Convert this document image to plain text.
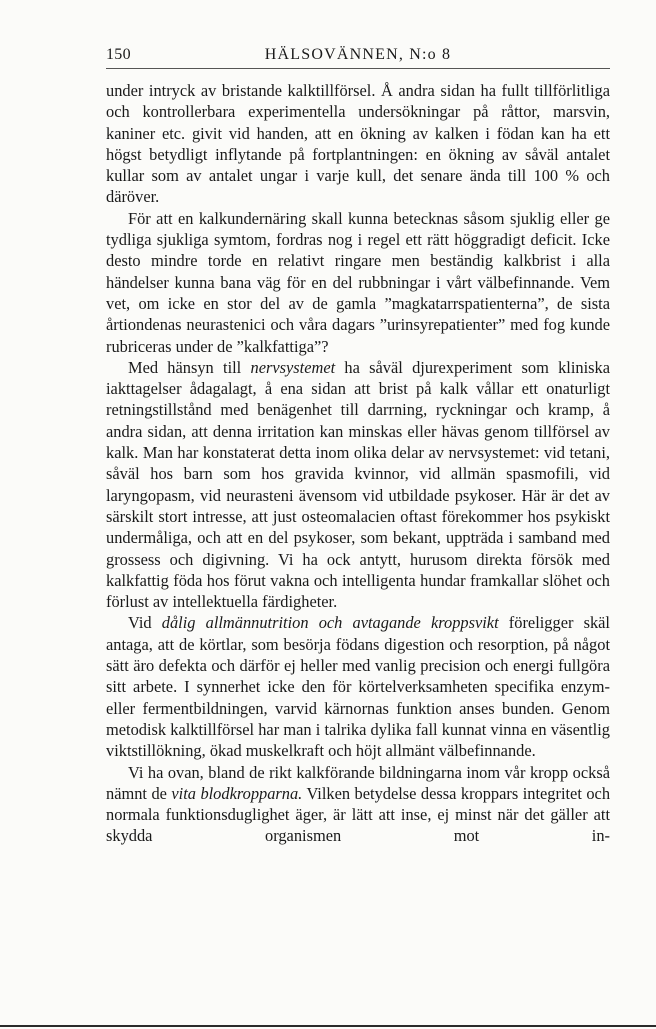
150	HÄLSOVÄNNEN, N:o 8

under intryck av bristande kalktillförsel. Å andra sidan ha fullt tillförlitliga och kontrollerbara experimentella undersökningar på råttor, marsvin, kaniner etc. givit vid handen, att en ökning av kalken i födan kan ha ett högst betydligt inflytande på fortplantningen: en ökning av såväl antalet kullar som av antalet ungar i varje kull, det senare ända till 100 % och däröver.

För att en kalkundernäring skall kunna betecknas såsom sjuklig eller ge tydliga sjukliga symtom, fordras nog i regel ett rätt höggradigt deficit. Icke desto mindre torde en relativt ringare men beständig kalkbrist i alla händelser kunna bana väg för en del rubbningar i vårt välbefinnande. Vem vet, om icke en stor del av de gamla ”magkatarrspatienterna”, de sista årtiondenas neurastenici och våra dagars ”urinsyrepatienter” med fog kunde rubriceras under de ”kalkfattiga”?

Med hänsyn till nervsystemet ha såväl djurexperiment som kliniska iakttagelser ådagalagt, å ena sidan att brist på kalk vållar ett onaturligt retningstillstånd med benägenhet till darrning, ryckningar och kramp, å andra sidan, att denna irritation kan minskas eller hävas genom tillförsel av kalk. Man har konstaterat detta inom olika delar av nervsystemet: vid tetani, såväl hos barn som hos gravida kvinnor, vid allmän spasmofili, vid laryngopasm, vid neurasteni ävensom vid utbildade psykoser. Här är det av särskilt stort intresse, att just osteomalacien oftast förekommer hos psykiskt undermåliga, och att en del psykoser, som bekant, uppträda i samband med grossess och digivning. Vi ha ock antytt, hurusom direkta försök med kalkfattig föda hos förut vakna och intelligenta hundar framkallar slöhet och förlust av intellektuella färdigheter.

Vid dålig allmännutrition och avtagande kroppsvikt föreligger skäl antaga, att de körtlar, som besörja födans digestion och resorption, på något sätt äro defekta och därför ej heller med vanlig precision och energi fullgöra sitt arbete. I synnerhet icke den för körtelverksamheten specifika enzym- eller fermentbildningen, varvid kärnornas funktion anses bunden. Genom metodisk kalktillförsel har man i talrika dylika fall kunnat vinna en väsentlig viktstillökning, ökad muskelkraft och höjt allmänt välbefinnande.

Vi ha ovan, bland de rikt kalkförande bildningarna inom vår kropp också nämnt de vita blodkropparna. Vilken betydelse dessa kroppars integritet och normala funktionsduglighet äger, är lätt att inse, ej minst när det gäller att skydda organismen mot in-
